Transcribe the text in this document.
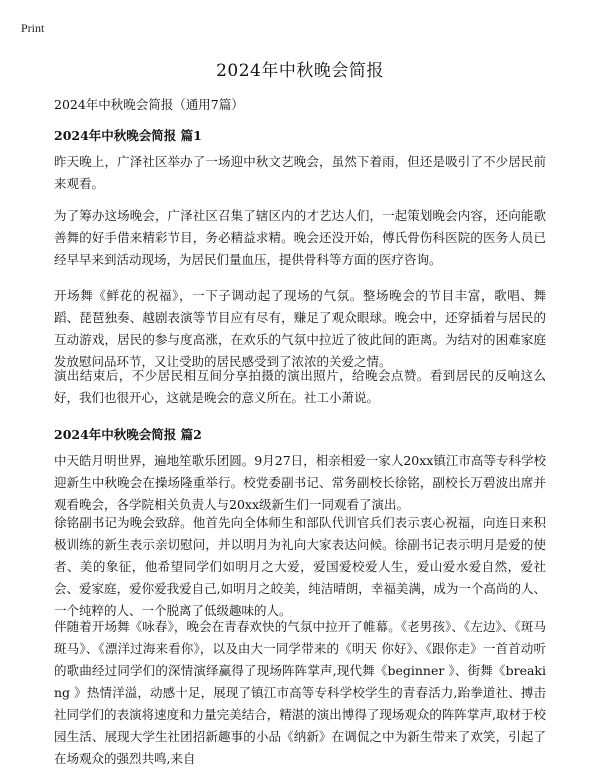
Print
2024年中秋晚会简报

2024年中秋晚会简报（通用7篇）

2024年中秋晚会简报 篇1

昨天晚上，广泽社区举办了一场迎中秋文艺晚会，虽然下着雨，但还是吸引了不少居民前来观看。

为了筹办这场晚会，广泽社区召集了辖区内的才艺达人们，一起策划晚会内容，还向能歌善舞的好手借来精彩节目，务必精益求精。晚会还没开始，傅氏骨伤科医院的医务人员已经早早来到活动现场，为居民们量血压，提供骨科等方面的医疗咨询。

开场舞《鲜花的祝福》，一下子调动起了现场的气氛。整场晚会的节目丰富，歌唱、舞蹈、琵琶独奏、越剧表演等节目应有尽有，赚足了观众眼球。晚会中，还穿插着与居民的互动游戏，居民的参与度高涨，在欢乐的气氛中拉近了彼此间的距离。为结对的困难家庭发放慰问品环节，又让受助的居民感受到了浓浓的关爱之情。

演出结束后，不少居民相互间分享拍摄的演出照片，给晚会点赞。看到居民的反响这么好，我们也很开心，这就是晚会的意义所在。社工小萧说。

2024年中秋晚会简报 篇2

中天皓月明世界，遍地笙歌乐团圆。9月27日，相亲相爱一家人20xx镇江市高等专科学校迎新生中秋晚会在操场隆重举行。校党委副书记、常务副校长徐铭，副校长万碧波出席并观看晚会，各学院相关负责人与20xx级新生们一同观看了演出。

徐铭副书记为晚会致辞。他首先向全体师生和部队代训官兵们表示衷心祝福，向连日来积极训练的新生表示亲切慰问，并以明月为礼向大家表达问候。徐副书记表示明月是爱的使者、美的象征，他希望同学们如明月之大爱，爱国爱校爱人生，爱山爱水爱自然，爱社会、爱家庭，爱你爱我爱自己,如明月之皎美，纯洁晴朗，幸福美满，成为一个高尚的人、一个纯粹的人、一个脱离了低级趣味的人。

伴随着开场舞《咏春》，晚会在青春欢快的气氛中拉开了帷幕。《老男孩》、《左边》、《斑马斑马》、《漂洋过海来看你》，以及由大一同学带来的《明天 你好》、《跟你走》一首首动听的歌曲经过同学们的深情演绎赢得了现场阵阵掌声,现代舞《beginner 》、街舞《breaking 》热情洋溢，动感十足，展现了镇江市高等专科学校学生的青春活力,跆拳道社、搏击社同学们的表演将速度和力量完美结合，精湛的演出博得了现场观众的阵阵掌声,取材于校园生活、展现大学生社团招新趣事的小品《纳新》在调侃之中为新生带来了欢笑，引起了在场观众的强烈共鸣,来自
